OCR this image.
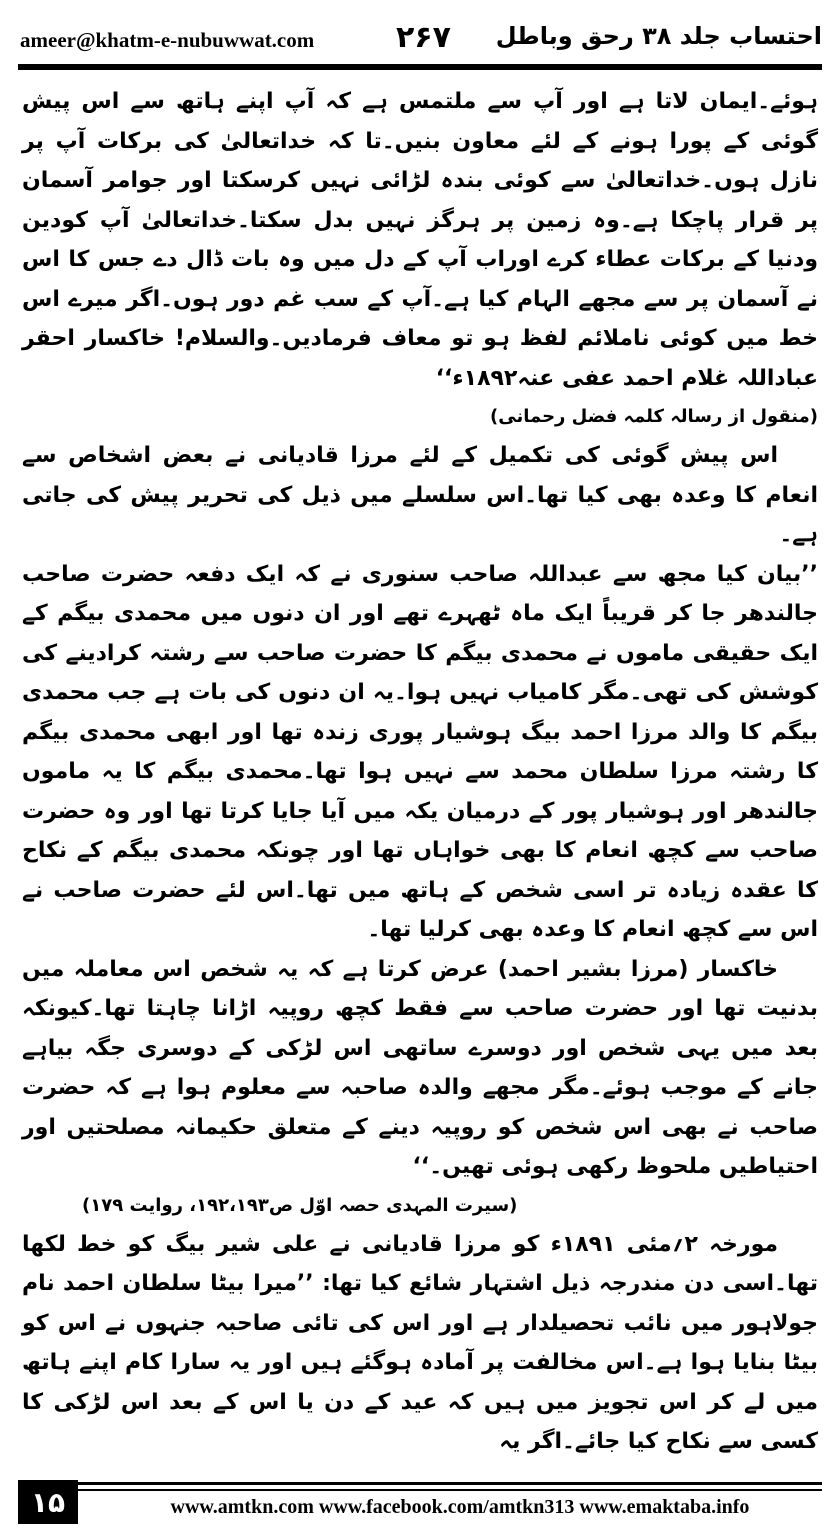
ameer@khatm-e-nubuwwat.com	۲۶۷ احتساب جلد ۳۸ رحق وباطل

ہوئے۔ایمان لاتا ہے اور آپ سے ملتمس ہے کہ آپ اپنے ہاتھ سے اس پیش گوئی کے پورا ہونے کے لئے معاون بنیں۔تا کہ خداتعالیٰ کی برکات آپ پر نازل ہوں۔خداتعالیٰ سے کوئی بندہ لڑائی نہیں کرسکتا اور جوامر آسمان پر قرار پاچکا ہے۔وہ زمین پر ہرگز نہیں بدل سکتا۔خداتعالیٰ آپ کودین ودنیا کے برکات عطاء کرے اوراب آپ کے دل میں وہ بات ڈال دے جس کا اس نے آسمان پر سے مجھے الہام کیا ہے۔آپ کے سب غم دور ہوں۔اگر میرے اس خط میں کوئی ناملائم لفظ ہو تو معاف فرمادیں۔والسلام! خاکسار احقر عباداللہ غلام احمد عفی عنہ۱۸۹۲ء‘‘

(منقول از رسالہ کلمہ فضل رحمانی)

اس پیش گوئی کی تکمیل کے لئے مرزا قادیانی نے بعض اشخاص سے انعام کا وعدہ بھی کیا تھا۔اس سلسلے میں ذیل کی تحریر پیش کی جاتی ہے۔

’’بیان کیا مجھ سے عبداللہ صاحب سنوری نے کہ ایک دفعہ حضرت صاحب جالندھر جا کر قریباً ایک ماہ ٹھہرے تھے اور ان دنوں میں محمدی بیگم کے ایک حقیقی ماموں نے محمدی بیگم کا حضرت صاحب سے رشتہ کرادینے کی کوشش کی تھی۔مگر کامیاب نہیں ہوا۔یہ ان دنوں کی بات ہے جب محمدی بیگم کا والد مرزا احمد بیگ ہوشیار پوری زندہ تھا اور ابھی محمدی بیگم کا رشتہ مرزا سلطان محمد سے نہیں ہوا تھا۔محمدی بیگم کا یہ ماموں جالندھر اور ہوشیار پور کے درمیان یکہ میں آیا جایا کرتا تھا اور وہ حضرت صاحب سے کچھ انعام کا بھی خواہاں تھا اور چونکہ محمدی بیگم کے نکاح کا عقدہ زیادہ تر اسی شخص کے ہاتھ میں تھا۔اس لئے حضرت صاحب نے اس سے کچھ انعام کا وعدہ بھی کرلیا تھا۔

خاکسار (مرزا بشیر احمد) عرض کرتا ہے کہ یہ شخص اس معاملہ میں بدنیت تھا اور حضرت صاحب سے فقط کچھ روپیہ اڑانا چاہتا تھا۔کیونکہ بعد میں یہی شخص اور دوسرے ساتھی اس لڑکی کے دوسری جگہ بیاہے جانے کے موجب ہوئے۔مگر مجھے والدہ صاحبہ سے معلوم ہوا ہے کہ حضرت صاحب نے بھی اس شخص کو روپیہ دینے کے متعلق حکیمانہ مصلحتیں اور احتیاطیں ملحوظ رکھی ہوئی تھیں۔‘‘

(سیرت المہدی حصہ اوّل ص۱۹۲،۱۹۳، روایت ۱۷۹)

مورخہ ۲؍مئی ۱۸۹۱ء کو مرزا قادیانی نے علی شیر بیگ کو خط لکھا تھا۔اسی دن مندرجہ ذیل اشتہار شائع کیا تھا: ’’میرا بیٹا سلطان احمد نام جولاہور میں نائب تحصیلدار ہے اور اس کی تائی صاحبہ جنہوں نے اس کو بیٹا بنایا ہوا ہے۔اس مخالفت پر آمادہ ہوگئے ہیں اور یہ سارا کام اپنے ہاتھ میں لے کر اس تجویز میں ہیں کہ عید کے دن یا اس کے بعد اس لڑکی کا کسی سے نکاح کیا جائے۔اگر یہ

۱۵	www.amtkn.com www.facebook.com/amtkn313 www.emaktaba.info
